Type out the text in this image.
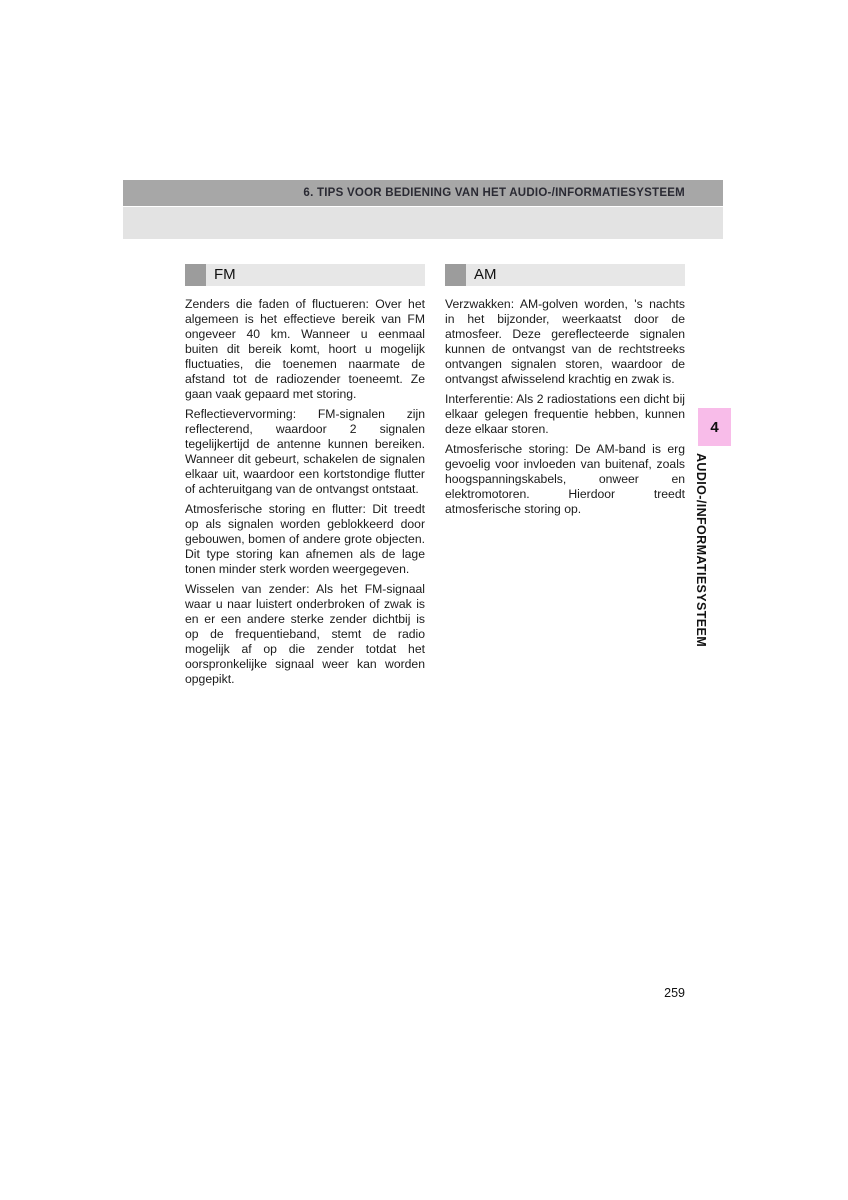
6. TIPS VOOR BEDIENING VAN HET AUDIO-/INFORMATIESYSTEEM
FM

Zenders die faden of fluctueren: Over het algemeen is het effectieve bereik van FM ongeveer 40 km. Wanneer u eenmaal buiten dit bereik komt, hoort u mogelijk fluctuaties, die toenemen naarmate de afstand tot de radiozender toeneemt. Ze gaan vaak gepaard met storing.

Reflectievervorming: FM-signalen zijn reflecterend, waardoor 2 signalen tegelijkertijd de antenne kunnen bereiken. Wanneer dit gebeurt, schakelen de signalen elkaar uit, waardoor een kortstondige flutter of achteruitgang van de ontvangst ontstaat.

Atmosferische storing en flutter: Dit treedt op als signalen worden geblokkeerd door gebouwen, bomen of andere grote objecten. Dit type storing kan afnemen als de lage tonen minder sterk worden weergegeven.

Wisselen van zender: Als het FM-signaal waar u naar luistert onderbroken of zwak is en er een andere sterke zender dichtbij is op de frequentieband, stemt de radio mogelijk af op die zender totdat het oorspronkelijke signaal weer kan worden opgepikt.

AM

Verzwakken: AM-golven worden, 's nachts in het bijzonder, weerkaatst door de atmosfeer. Deze gereflecteerde signalen kunnen de ontvangst van de rechtstreeks ontvangen signalen storen, waardoor de ontvangst afwisselend krachtig en zwak is.

Interferentie: Als 2 radiostations een dicht bij elkaar gelegen frequentie hebben, kunnen deze elkaar storen.

Atmosferische storing: De AM-band is erg gevoelig voor invloeden van buitenaf, zoals hoogspanningskabels, onweer en elektromotoren. Hierdoor treedt atmosferische storing op.

4
AUDIO-/INFORMATIESYSTEEM
259
